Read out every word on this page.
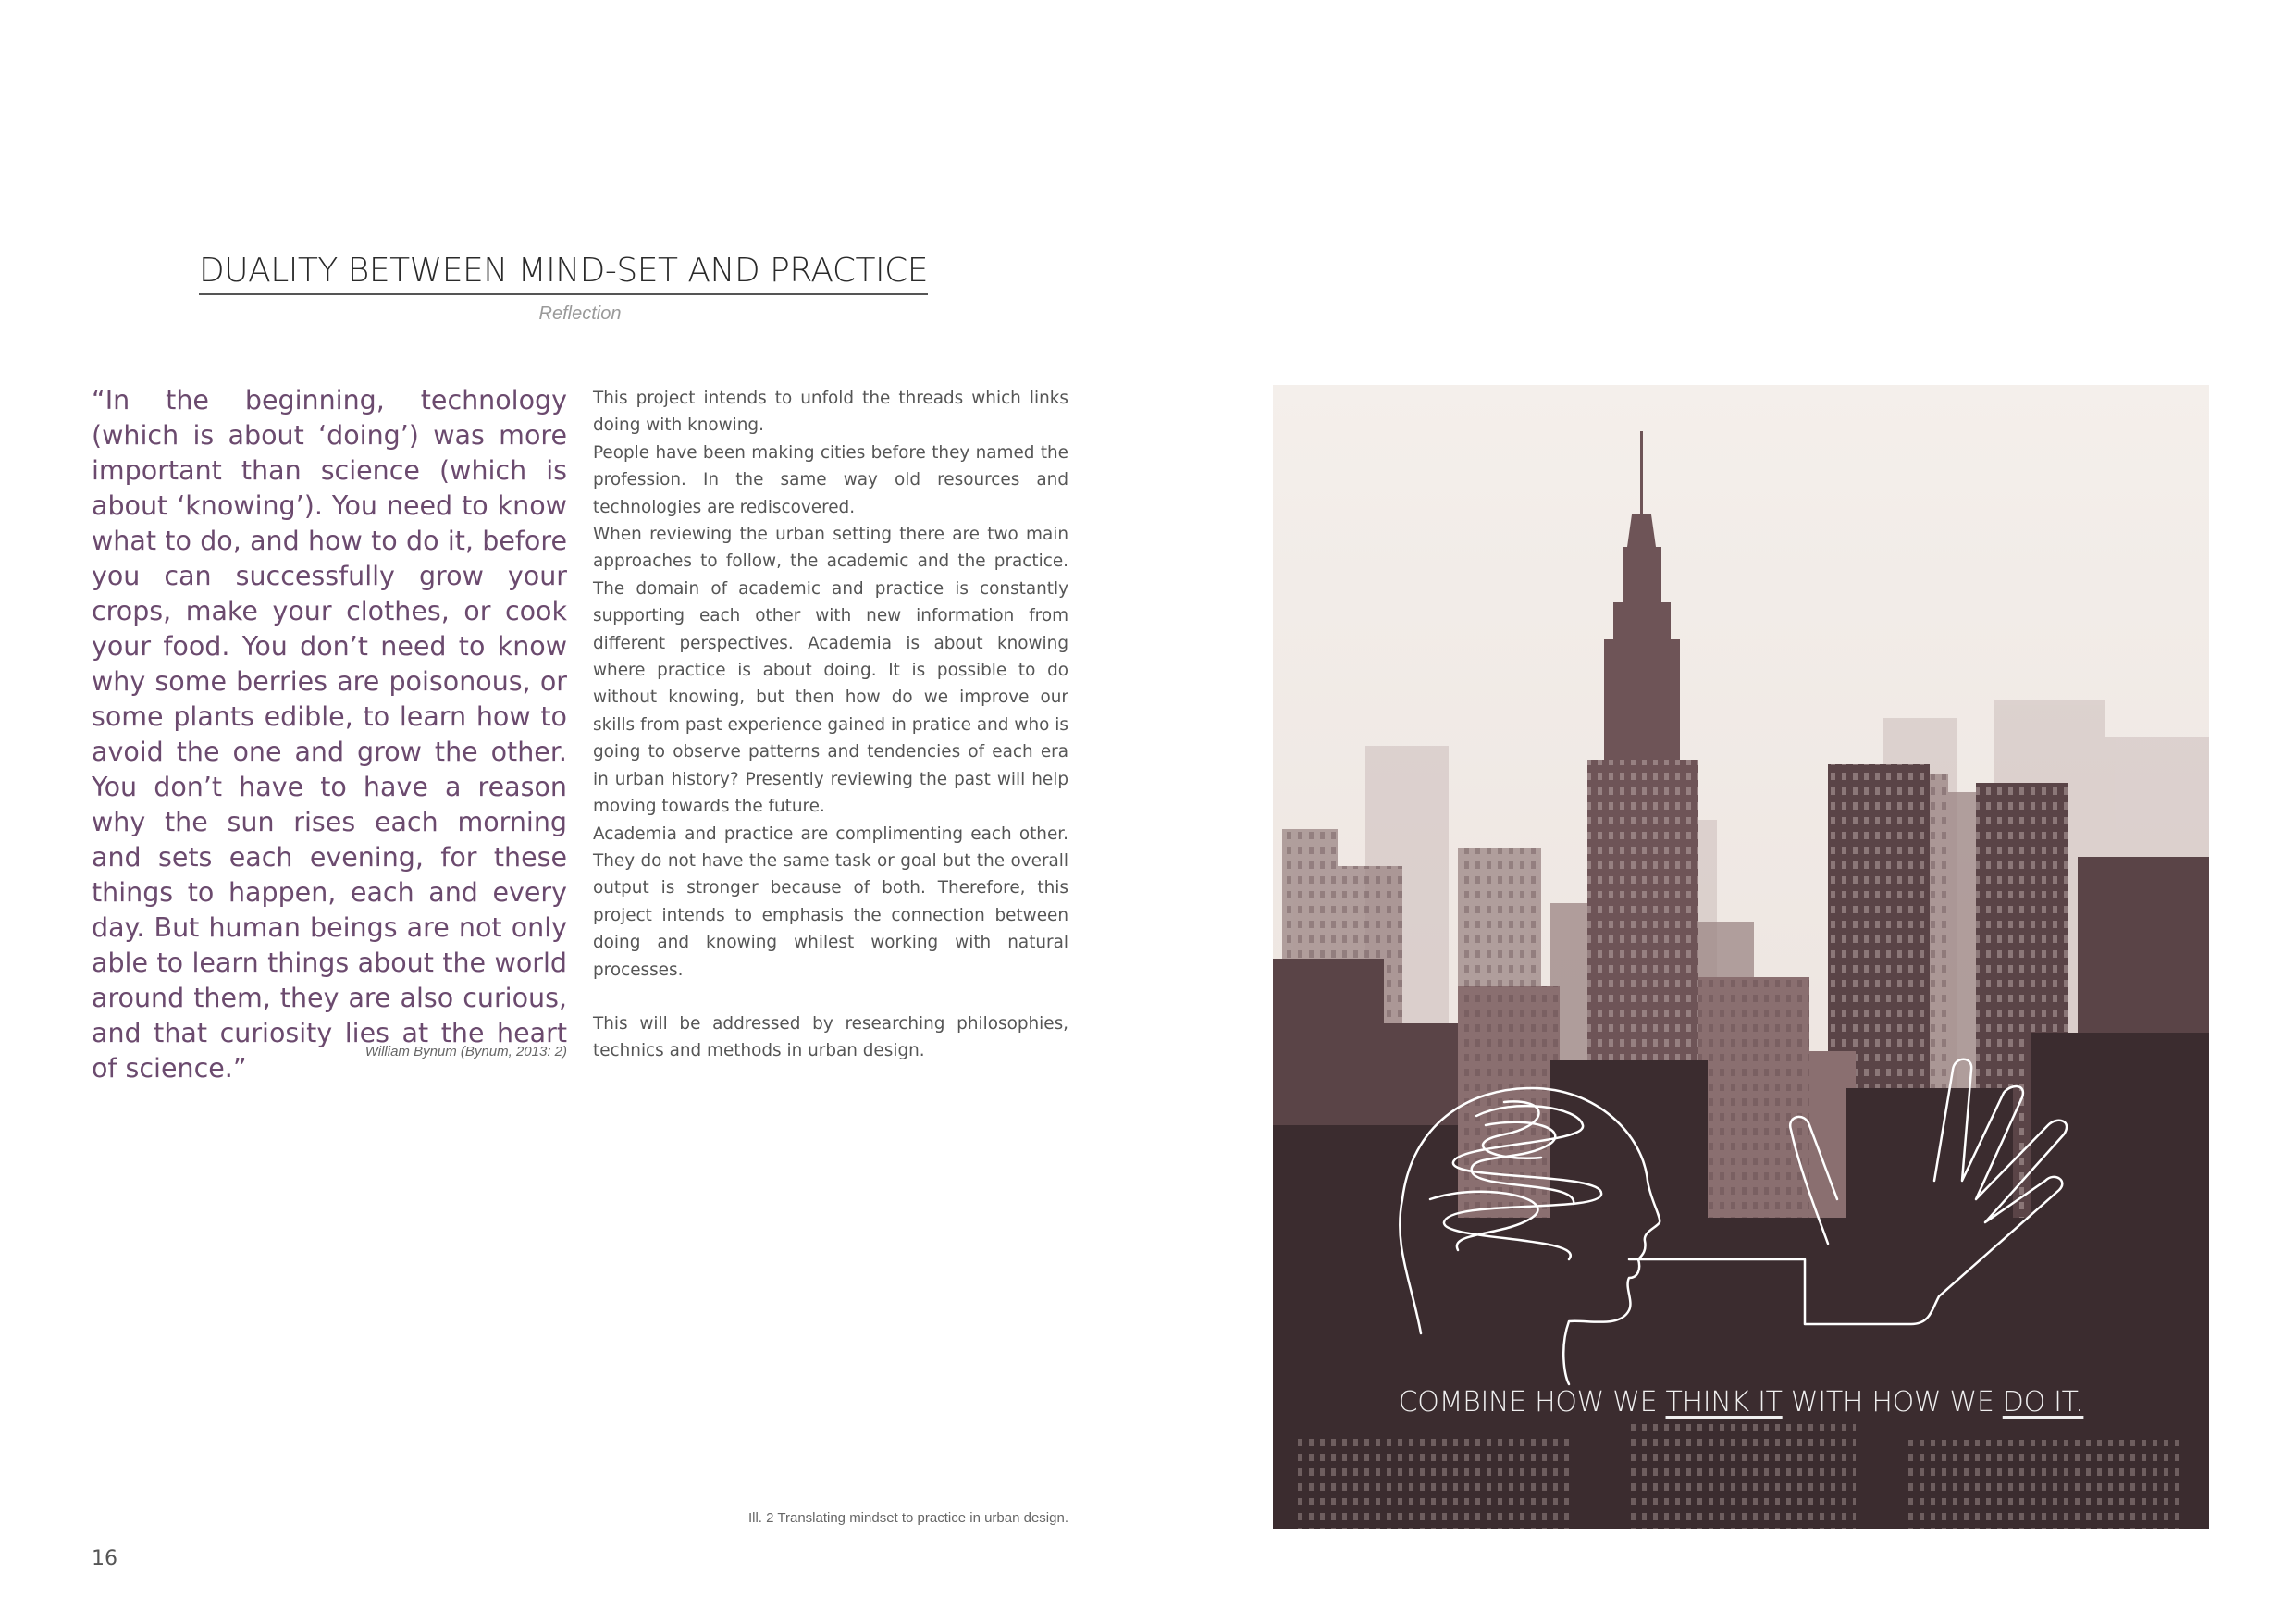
DUALITY BETWEEN MIND-SET AND PRACTICE
Reflection

“In the beginning, technology (which is about ‘doing’) was more important than science (which is about ‘knowing’). You need to know what to do, and how to do it, before you can successfully grow your crops, make your clothes, or cook your food. You don’t need to know why some berries are poisonous, or some plants edible, to learn how to avoid the one and grow the other. You don’t have to have a reason why the sun rises each morning and sets each evening, for these things to happen, each and every day. But human beings are not only able to learn things about the world around them, they are also curious, and that curiosity lies at the heart of science.”

William Bynum (Bynum, 2013: 2)

This project intends to unfold the threads which links doing with knowing.

People have been making cities before they named the profession. In the same way old resources and technologies are rediscovered.

When reviewing the urban setting there are two main approaches to follow, the academic and the practice. The domain of academic and practice is constantly supporting each other with new information from different perspectives. Academia is about knowing where practice is about doing. It is possible to do without knowing, but then how do we improve our skills from past experience gained in pratice and who is going to observe patterns and tendencies of each era in urban history? Presently reviewing the past will help moving towards the future.

Academia and practice are complimenting each other. They do not have the same task or goal but the overall output is stronger because of both. Therefore, this project intends to emphasis the connection between doing and knowing whilest working with natural processes.

This will be addressed by researching philosophies, technics and methods in urban design.

COMBINE HOW WE THINK IT WITH HOW WE DO IT.
Ill. 2 Translating mindset to practice in urban design.
16
